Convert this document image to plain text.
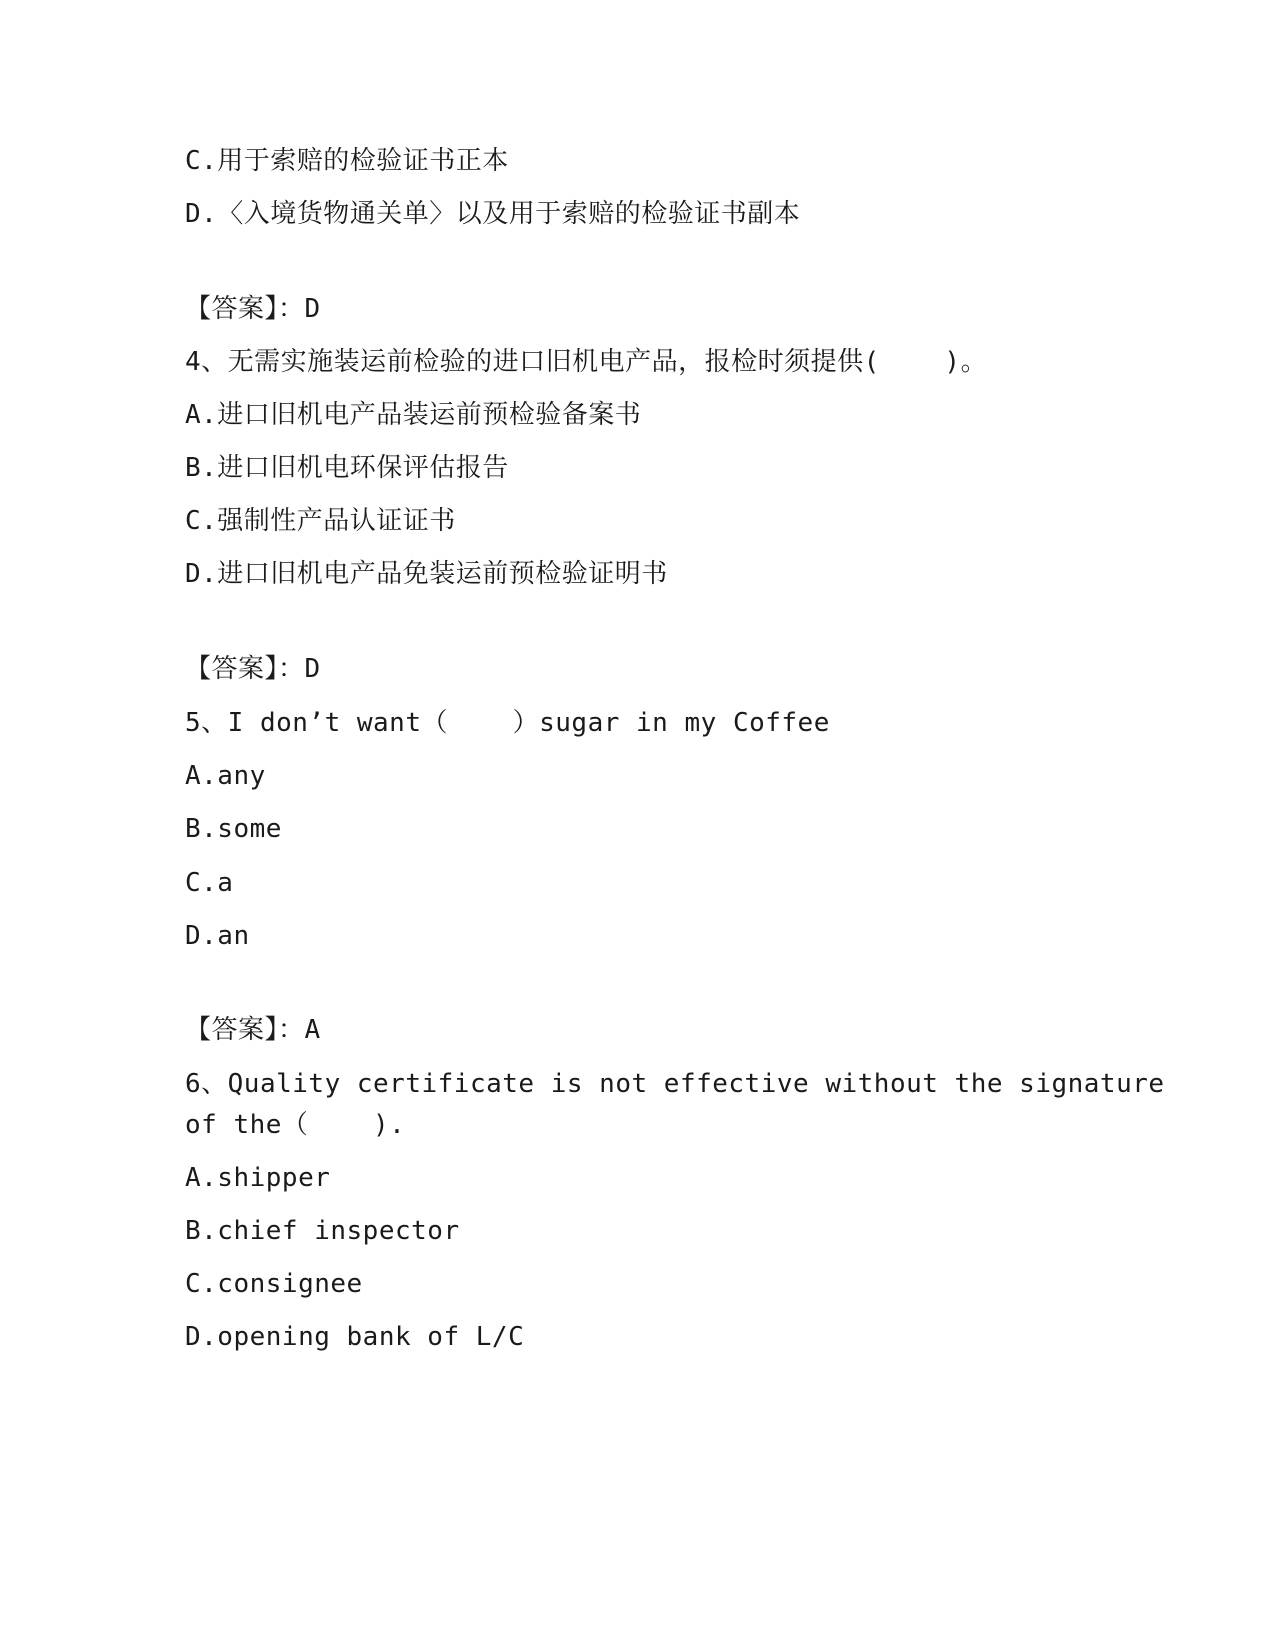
C.用于索赔的检验证书正本
D.〈入境货物通关单〉以及用于索赔的检验证书副本
【答案】：D
4、无需实施装运前检验的进口旧机电产品，报检时须提供(    )。
A.进口旧机电产品装运前预检验备案书
B.进口旧机电环保评估报告
C.强制性产品认证证书
D.进口旧机电产品免装运前预检验证明书
【答案】：D
5、I don’t want（    ）sugar in my Coffee
A.any
B.some
C.a
D.an
【答案】：A
6、Quality certificate is not effective without the signature
of the（    ).
A.shipper
B.chief inspector
C.consignee
D.opening bank of L/C
